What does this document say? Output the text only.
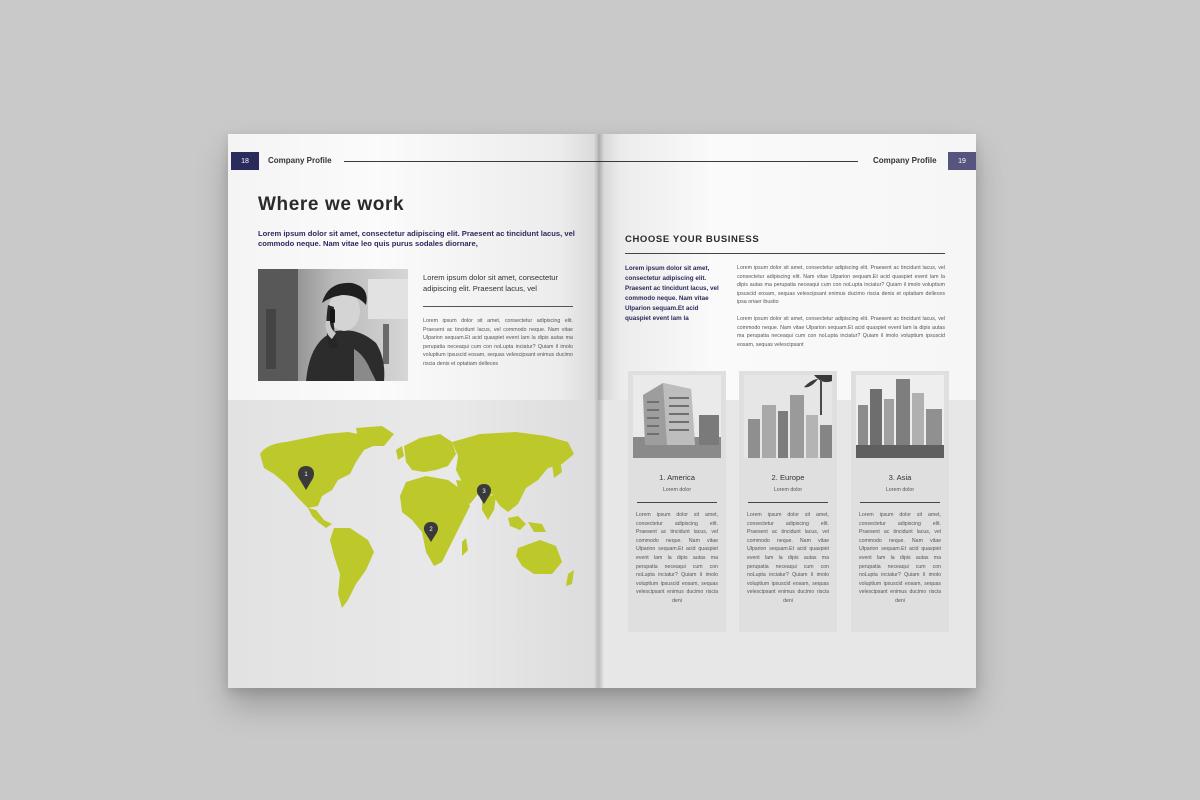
18	Company Profile
Where we work

Lorem ipsum dolor sit amet, consectetur adipiscing elit. Praesent ac tincidunt lacus, vel commodo neque. Nam vitae leo quis purus sodales diornare,

Lorem ipsum dolor sit amet, consectetur adipiscing elit. Praesent lacus, vel

Lorem ipsum dolor sit amet, consectetur adipiscing elit. Praesent ac tincidunt lacus, vel commodo neque. Nam vitae Ulparion sequam.Et acid quaspiet event lam la dipis autas ma perupatia neceaqui cum con noLupta inciatur? Quiam il imolo voluptium ipsuscid eosam, sequas velescipsant enimus ducimo riscia denis et optatiam delleces

1
2
3
Company Profile	19
CHOOSE YOUR BUSINESS

Lorem ipsum dolor sit amet, consectetur adipiscing elit. Praesent ac tincidunt lacus, vel commodo neque. Nam vitae Ulparion sequam.Et acid quaspiet event lam la

Lorem ipsum dolor sit amet, consectetur adipiscing elit. Praesent ac tincidunt lacus, vel consectetur adipiscing elit. Nam vitae Ulparion sequam.Et acid quaspiet event lam la dipis autas ma perupatia neceaqui cum con noLupta inciatur? Quiam il imolo voluptium ipsuscid eosam, sequas velescipsant enimus ducimo riscia denis et optatiam delleces ipsa oriaer ibustio

Lorem ipsum dolor sit amet, consectetur adipiscing elit. Praesent ac tincidunt lacus, vel commodo neque. Nam vitae Ulparion sequam.Et acid quaspiet event lam la dipis autas ma perupatia neceaqui cum con noLupta inciatur? Quiam il imolo voluptium ipsuscid eosam, sequas velescipsant

1. America

Lorem dolor

Lorem ipsum dolor sit amet, consectetur adipiscing elit. Praesent ac tincidunt lacus, vel commodo neque. Nam vitae Ulparion sequam.Et acid quaspiet event lam la dipis autas ma perupatia neceaqui cum con noLupta inciatur? Quiam il imolo voluptium ipsuscid eosam, sequas velescipsant enimus ducimo riscia deni

2. Europe

Lorem dolor

Lorem ipsum dolor sit amet, consectetur adipiscing elit. Praesent ac tincidunt lacus, vel commodo neque. Nam vitae Ulparion sequam.Et acid quaspiet event lam la dipis autas ma perupatia neceaqui cum con noLupta inciatur? Quiam il imolo voluptium ipsuscid eosam, sequas velescipsant enimus ducimo riscia deni

3. Asia

Lorem dolor

Lorem ipsum dolor sit amet, consectetur adipiscing elit. Praesent ac tincidunt lacus, vel commodo neque. Nam vitae Ulparion sequam.Et acid quaspiet event lam la dipis autas ma perupatia neceaqui cum con noLupta inciatur? Quiam il imolo voluptium ipsuscid eosam, sequas velescipsant enimus ducimo riscia deni
